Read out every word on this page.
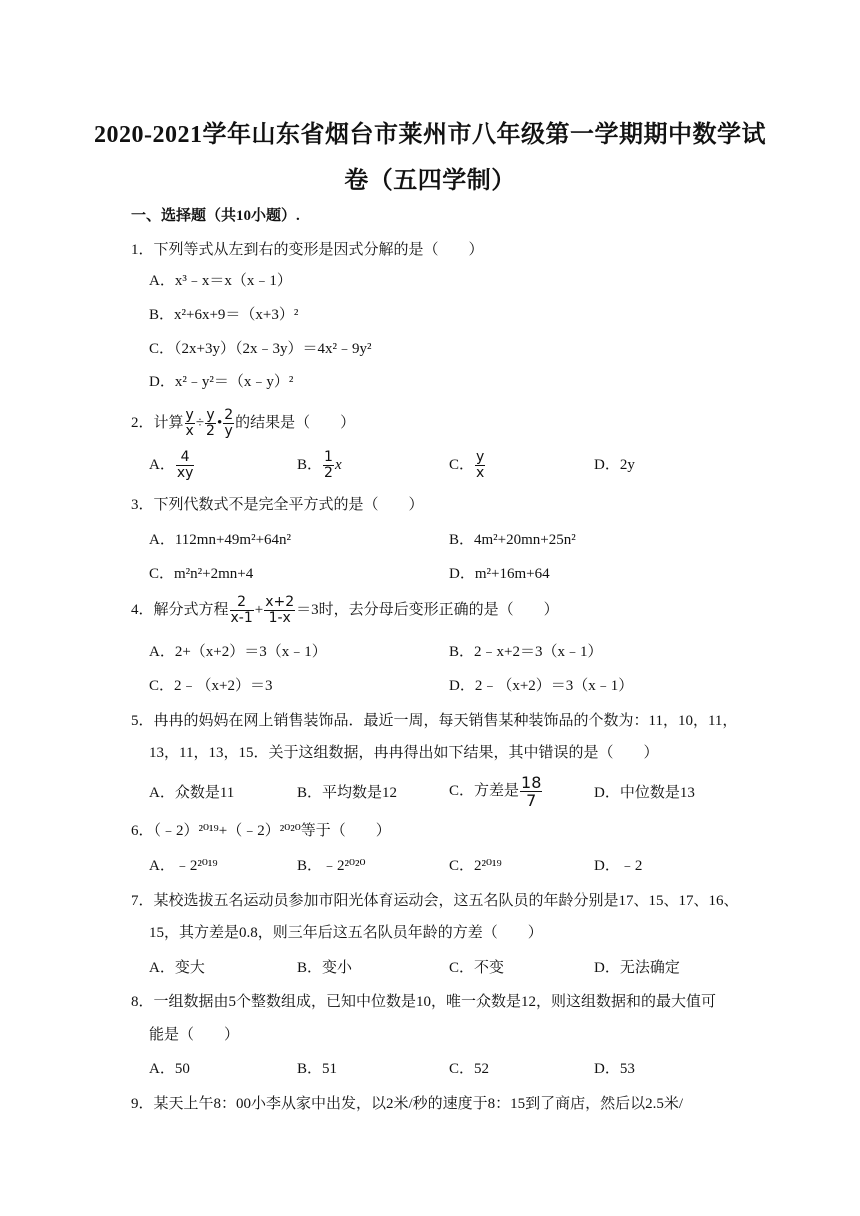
2020-2021学年山东省烟台市莱州市八年级第一学期期中数学试
卷（五四学制）
一、选择题（共10小题）.
1．下列等式从左到右的变形是因式分解的是（　　）
A．x³﹣x＝x（x﹣1）
B．x²+6x+9＝（x+3）²
C．（2x+3y）（2x﹣3y）＝4x²﹣9y²
D．x²﹣y²＝（x﹣y）²
2．计算 $\frac{y}{x} \div \frac{y}{2}$ • $\frac{2}{y}$ 的结果是（　　）
A． $\frac{4}{xy}$	B． $\frac{1}{2}$ x	C． $\frac{y}{x}$	D．2y
3．下列代数式不是完全平方式的是（　　）
A．112mn+49m²+64n²	B．4m²+20mn+25n²
C．m²n²+2mn+4	D．m²+16m+64
4．解分式方程 $\frac{2}{x-1} + \frac{x+2}{1-x} =3$时，去分母后变形正确的是（　　）
A．2+（x+2）＝3（x﹣1）	B．2﹣x+2＝3（x﹣1）
C．2﹣（x+2）＝3	D．2﹣（x+2）＝3（x﹣1）
5．冉冉的妈妈在网上销售装饰品．最近一周，每天销售某种装饰品的个数为：11，10，11，
13，11，13，15．关于这组数据，冉冉得出如下结果，其中错误的是（　　）
A．众数是11	B．平均数是12	C．方差是 $\frac{18}{7}$	D．中位数是13
6．（﹣2）²⁰¹⁹+（﹣2）²⁰²⁰等于（　　）
A．﹣2²⁰¹⁹	B．﹣2²⁰²⁰	C．2²⁰¹⁹	D．﹣2
7．某校选拔五名运动员参加市阳光体育运动会，这五名队员的年龄分别是17、15、17、16、
15，其方差是0.8，则三年后这五名队员年龄的方差（　　）
A．变大	B．变小	C．不变	D．无法确定
8．一组数据由5个整数组成，已知中位数是10，唯一众数是12，则这组数据和的最大值可
能是（　　）
A．50	B．51	C．52	D．53
9．某天上午8：00小李从家中出发，以2米/秒的速度于8：15到了商店，然后以2.5米/
